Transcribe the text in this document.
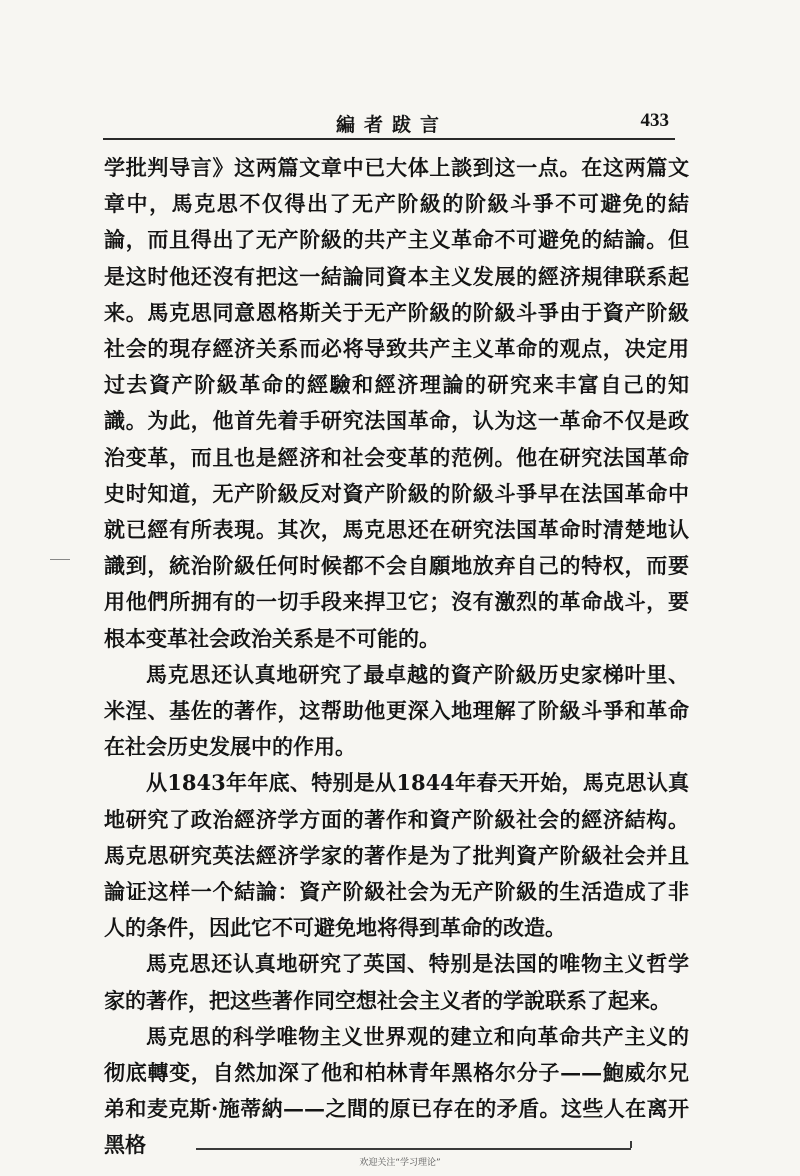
編者跋言	433

学批判导言》这两篇文章中已大体上談到这一点。在这两篇文章中，馬克思不仅得出了无产阶級的阶級斗爭不可避免的結論，而且得出了无产阶級的共产主义革命不可避免的結論。但是这时他还沒有把这一結論同資本主义发展的經济規律联系起来。馬克思同意恩格斯关于无产阶級的阶級斗爭由于資产阶級社会的現存經济关系而必将导致共产主义革命的观点，决定用过去資产阶級革命的經驗和經济理論的研究来丰富自己的知識。为此，他首先着手研究法国革命，认为这一革命不仅是政治变革，而且也是經济和社会变革的范例。他在研究法国革命史时知道，无产阶級反对資产阶級的阶級斗爭早在法国革命中就已經有所表現。其次，馬克思还在研究法国革命时清楚地认識到，統治阶級任何时候都不会自願地放弃自己的特权，而要用他們所拥有的一切手段来捍卫它；沒有激烈的革命战斗，要根本变革社会政治关系是不可能的。

馬克思还认真地研究了最卓越的資产阶級历史家梯叶里、米涅、基佐的著作，这帮助他更深入地理解了阶級斗爭和革命在社会历史发展中的作用。

从1843年年底、特别是从1844年春天开始，馬克思认真地研究了政治經济学方面的著作和資产阶級社会的經济結构。馬克思研究英法經济学家的著作是为了批判資产阶級社会并且論证这样一个結論：資产阶級社会为无产阶級的生活造成了非人的条件，因此它不可避免地将得到革命的改造。

馬克思还认真地研究了英国、特别是法国的唯物主义哲学家的著作，把这些著作同空想社会主义者的学說联系了起来。

馬克思的科学唯物主义世界观的建立和向革命共产主义的彻底轉变，自然加深了他和柏林青年黑格尔分子——鮑威尔兄弟和麦克斯·施蒂納——之間的原已存在的矛盾。这些人在离开黑格

欢迎关注“学习理论”
